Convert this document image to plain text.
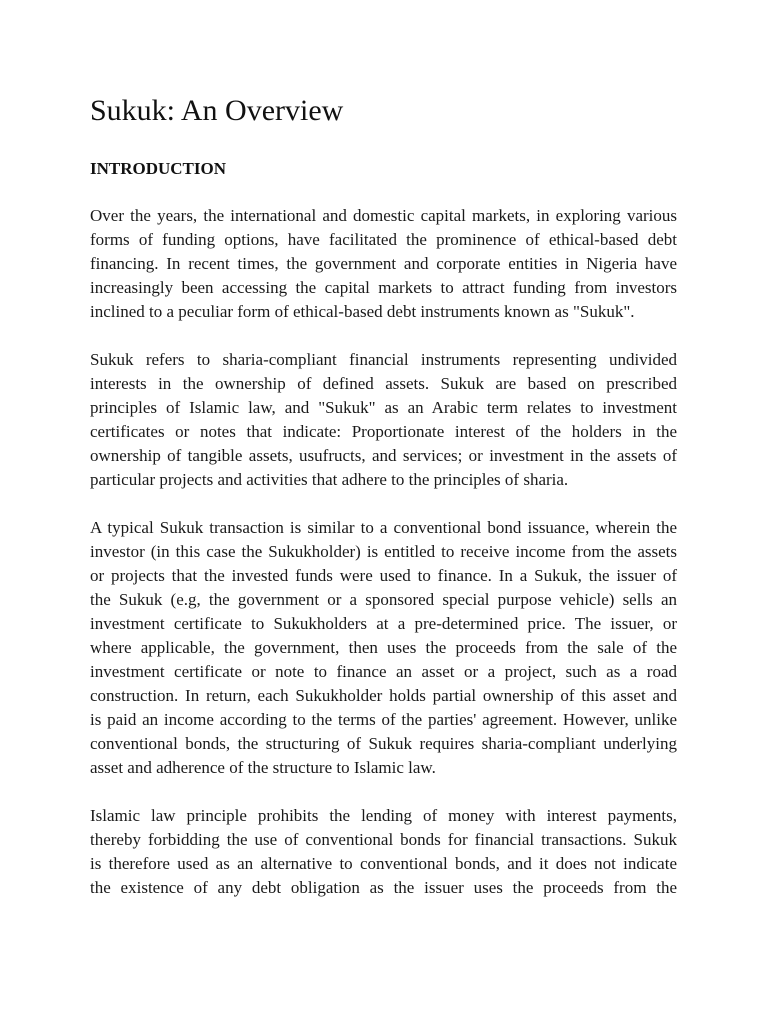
Sukuk: An Overview
INTRODUCTION
Over the years, the international and domestic capital markets, in exploring various
forms of funding options, have facilitated the prominence of ethical-based debt
financing. In recent times, the government and corporate entities in Nigeria have
increasingly been accessing the capital markets to attract funding from investors
inclined to a peculiar form of ethical-based debt instruments known as "Sukuk".
Sukuk refers to sharia-compliant financial instruments representing undivided
interests in the ownership of defined assets. Sukuk are based on prescribed
principles of Islamic law, and "Sukuk" as an Arabic term relates to investment
certificates or notes that indicate: Proportionate interest of the holders in the
ownership of tangible assets, usufructs, and services; or investment in the assets of
particular projects and activities that adhere to the principles of sharia.
A typical Sukuk transaction is similar to a conventional bond issuance, wherein the
investor (in this case the Sukukholder) is entitled to receive income from the assets
or projects that the invested funds were used to finance. In a Sukuk, the issuer of
the Sukuk (e.g, the government or a sponsored special purpose vehicle) sells an
investment certificate to Sukukholders at a pre-determined price. The issuer, or
where applicable, the government, then uses the proceeds from the sale of the
investment certificate or note to finance an asset or a project, such as a road
construction. In return, each Sukukholder holds partial ownership of this asset and
is paid an income according to the terms of the parties' agreement. However, unlike
conventional bonds, the structuring of Sukuk requires sharia-compliant underlying
asset and adherence of the structure to Islamic law.
Islamic law principle prohibits the lending of money with interest payments,
thereby forbidding the use of conventional bonds for financial transactions. Sukuk
is therefore used as an alternative to conventional bonds, and it does not indicate
the existence of any debt obligation as the issuer uses the proceeds from the
